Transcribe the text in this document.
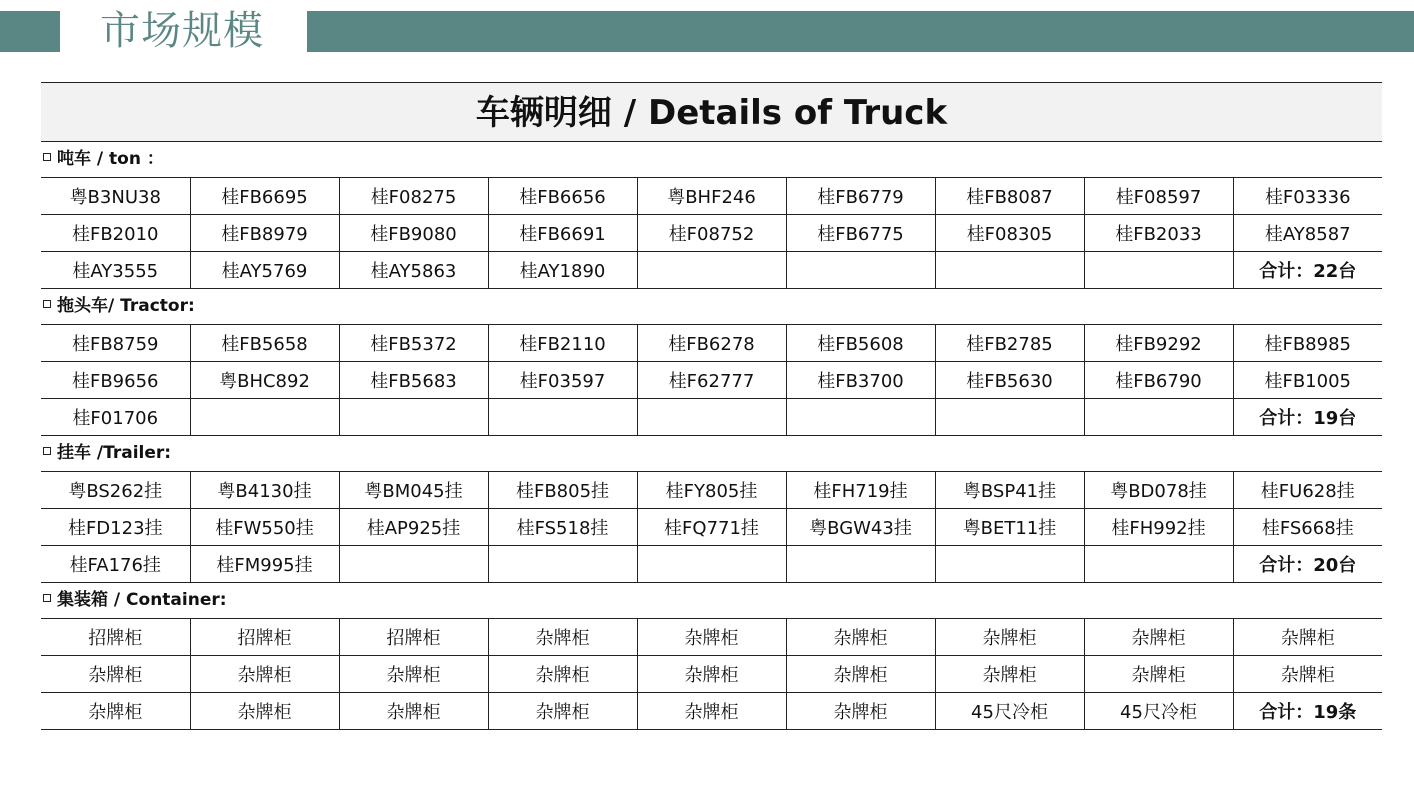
市场规模
车辆明细 / Details of Truck
吨车 / ton ：
粤B3NU38	桂FB6695	桂F08275	桂FB6656	粤BHF246	桂FB6779	桂FB8087	桂F08597	桂F03336
桂FB2010	桂FB8979	桂FB9080	桂FB6691	桂F08752	桂FB6775	桂F08305	桂FB2033	桂AY8587
桂AY3555	桂AY5769	桂AY5863	桂AY1890					合计：22台
拖头车/ Tractor:
桂FB8759	桂FB5658	桂FB5372	桂FB2110	桂FB6278	桂FB5608	桂FB2785	桂FB9292	桂FB8985
桂FB9656	粤BHC892	桂FB5683	桂F03597	桂F62777	桂FB3700	桂FB5630	桂FB6790	桂FB1005
桂F01706								合计：19台
挂车 /Trailer:
粤BS262挂	粤B4130挂	粤BM045挂	桂FB805挂	桂FY805挂	桂FH719挂	粤BSP41挂	粤BD078挂	桂FU628挂
桂FD123挂	桂FW550挂	桂AP925挂	桂FS518挂	桂FQ771挂	粤BGW43挂	粤BET11挂	桂FH992挂	桂FS668挂
桂FA176挂	桂FM995挂							合计：20台
集装箱 / Container:
招牌柜	招牌柜	招牌柜	杂牌柜	杂牌柜	杂牌柜	杂牌柜	杂牌柜	杂牌柜
杂牌柜	杂牌柜	杂牌柜	杂牌柜	杂牌柜	杂牌柜	杂牌柜	杂牌柜	杂牌柜
杂牌柜	杂牌柜	杂牌柜	杂牌柜	杂牌柜	杂牌柜	45尺冷柜	45尺冷柜	合计：19条
